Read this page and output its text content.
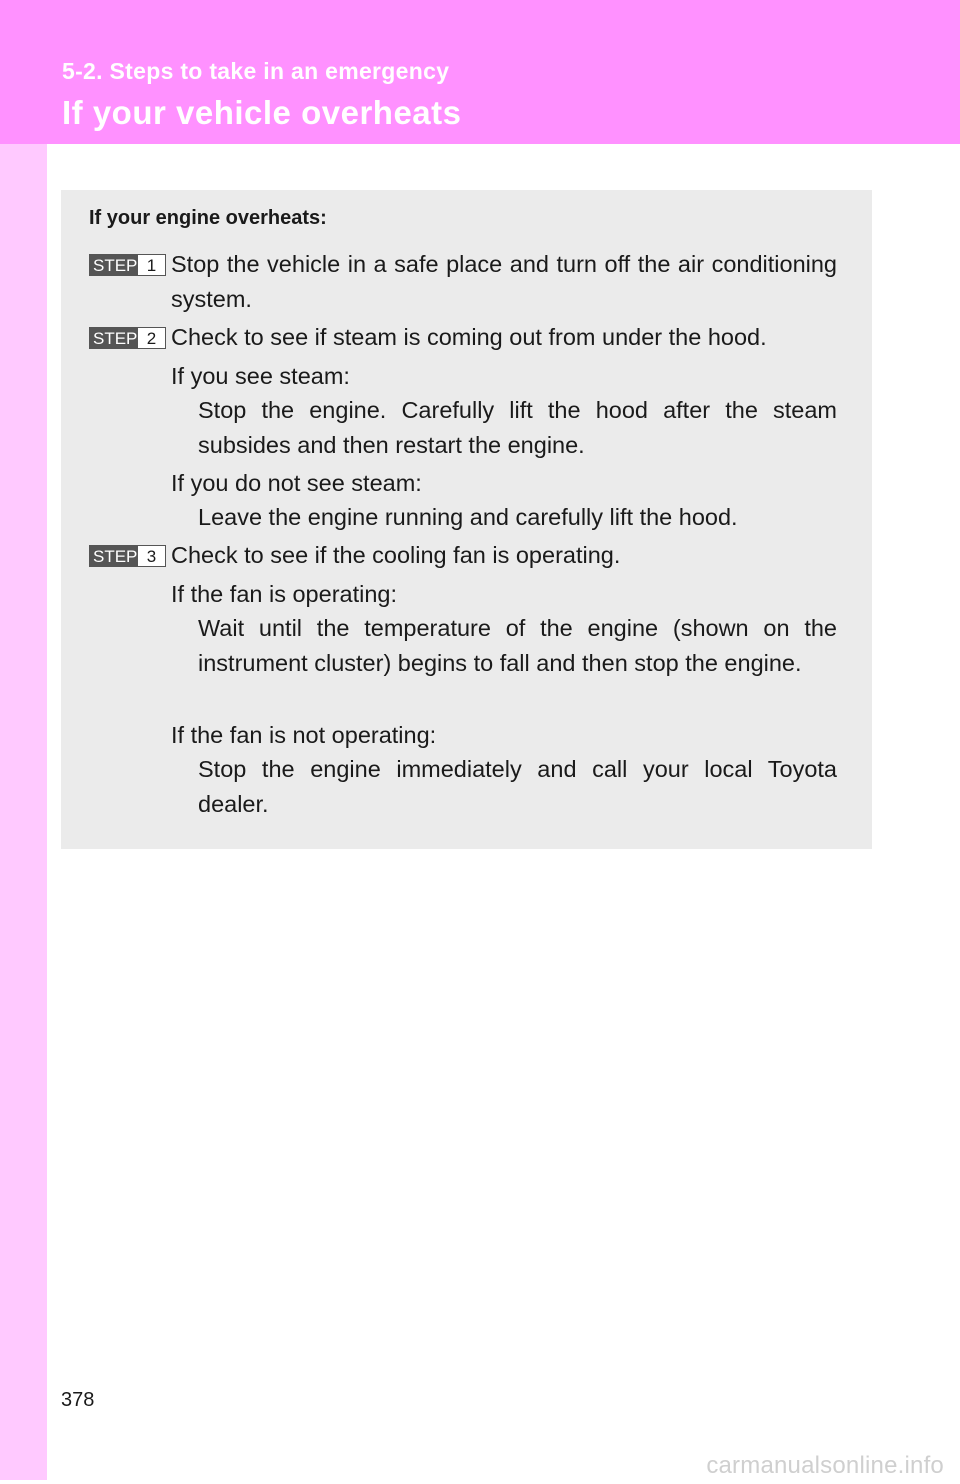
5-2. Steps to take in an emergency
If your vehicle overheats
If your engine overheats:
STEP 1 Stop the vehicle in a safe place and turn off the air conditioning system.
STEP 2 Check to see if steam is coming out from under the hood.
If you see steam:
Stop the engine. Carefully lift the hood after the steam subsides and then restart the engine.
If you do not see steam:
Leave the engine running and carefully lift the hood.
STEP 3 Check to see if the cooling fan is operating.
If the fan is operating:
Wait until the temperature of the engine (shown on the instrument cluster) begins to fall and then stop the engine.
If the fan is not operating:
Stop the engine immediately and call your local Toyota dealer.
378
carmanualsonline.info
